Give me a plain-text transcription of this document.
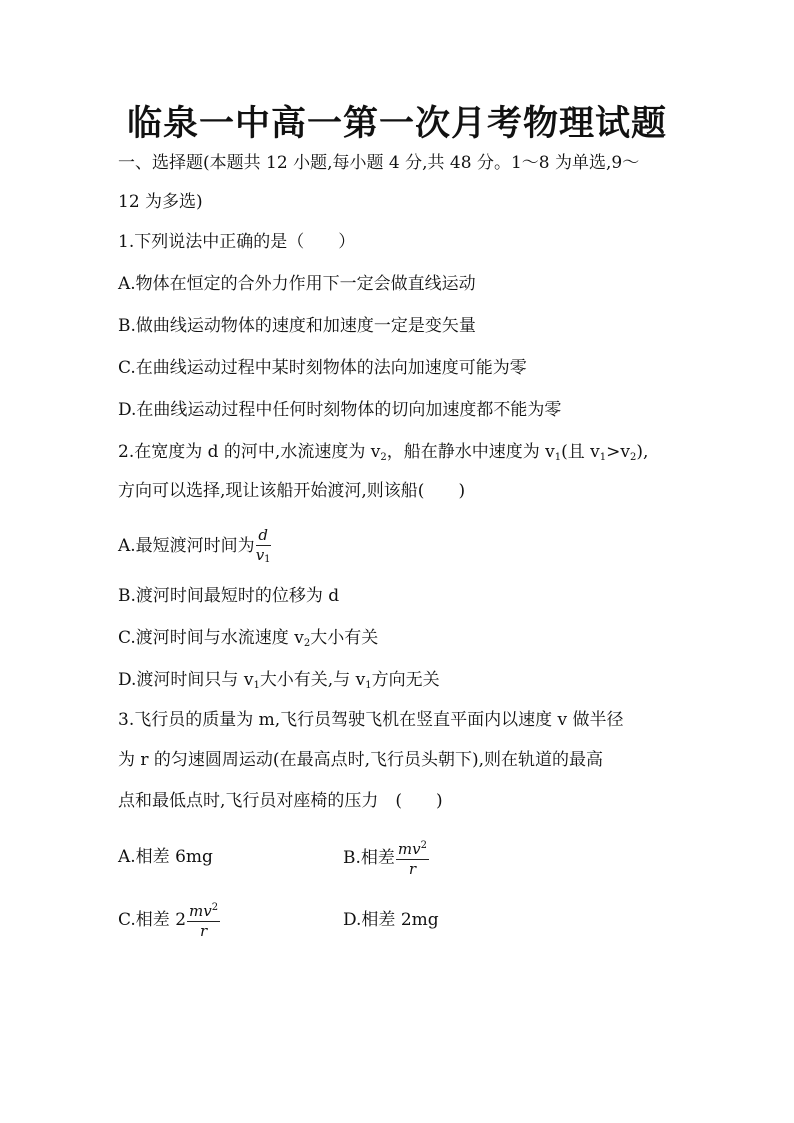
临泉一中高一第一次月考物理试题
一、选择题(本题共 12 小题,每小题 4 分,共 48 分。1～8 为单选,9～
12 为多选)
1.下列说法中正确的是（　　）
A.物体在恒定的合外力作用下一定会做直线运动
B.做曲线运动物体的速度和加速度一定是变矢量
C.在曲线运动过程中某时刻物体的法向加速度可能为零
D.在曲线运动过程中任何时刻物体的切向加速度都不能为零
2.在宽度为 d 的河中,水流速度为 $v_2$，船在静水中速度为 $v_1$(且 $v_1>v_2$),
方向可以选择,现让该船开始渡河,则该船(　　)
A.最短渡河时间为 $\frac{d}{v1}$
B.渡河时间最短时的位移为 d
C.渡河时间与水流速度 $v_2$大小有关
D.渡河时间只与 $v_1$大小有关,与 $v_1$方向无关
3.飞行员的质量为 m,飞行员驾驶飞机在竖直平面内以速度 v 做半径
为 r 的匀速圆周运动(在最高点时,飞行员头朝下),则在轨道的最高
点和最低点时,飞行员对座椅的压力　(　　)
A.相差 6mg	B.相差 $\frac{mv^2}{r}$
C.相差 $2 \frac{mv^2}{r}$	D.相差 2mg
